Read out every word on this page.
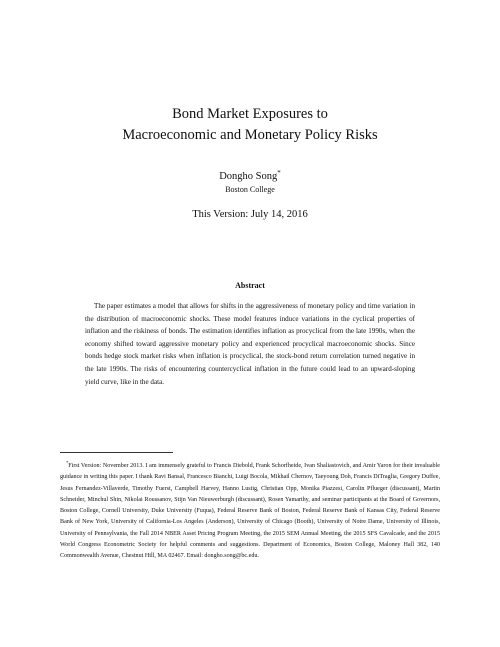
Bond Market Exposures to
Macroeconomic and Monetary Policy Risks
Dongho Song*
Boston College
This Version: July 14, 2016
Abstract
The paper estimates a model that allows for shifts in the aggressiveness of monetary policy and time variation in the distribution of macroeconomic shocks. These model features induce variations in the cyclical properties of inflation and the riskiness of bonds. The estimation identifies inflation as procyclical from the late 1990s, when the economy shifted toward aggressive monetary policy and experienced procyclical macroeconomic shocks. Since bonds hedge stock market risks when inflation is procyclical, the stock-bond return correlation turned negative in the late 1990s. The risks of encountering countercyclical inflation in the future could lead to an upward-sloping yield curve, like in the data.
*First Version: November 2013. I am immensely grateful to Francis Diebold, Frank Schorfheide, Ivan Shaliastovich, and Amir Yaron for their invaluable guidance in writing this paper. I thank Ravi Bansal, Francesco Bianchi, Luigi Bocola, Mikhail Chernov, Taeyoung Doh, Francis DiTraglia, Gregory Duffee, Jesus Fernandez-Villaverde, Timothy Fuerst, Campbell Harvey, Hanno Lustig, Christian Opp, Monika Piazzesi, Carolin Pflueger (discussant), Martin Schneider, Minchul Shin, Nikolai Roussanov, Stijn Van Nieuwerburgh (discussant), Rosen Yamarthy, and seminar participants at the Board of Governors, Boston College, Cornell University, Duke University (Fuqua), Federal Reserve Bank of Boston, Federal Reserve Bank of Kansas City, Federal Reserve Bank of New York, University of California-Los Angeles (Anderson), University of Chicago (Booth), University of Notre Dame, University of Illinois, University of Pennsylvania, the Fall 2014 NBER Asset Pricing Program Meeting, the 2015 SEM Annual Meeting, the 2015 SFS Cavalcade, and the 2015 World Congress Econometric Society for helpful comments and suggestions. Department of Economics, Boston College, Maloney Hall 382, 140 Commonwealth Avenue, Chestnut Hill, MA 02467. Email: dongho.song@bc.edu.
